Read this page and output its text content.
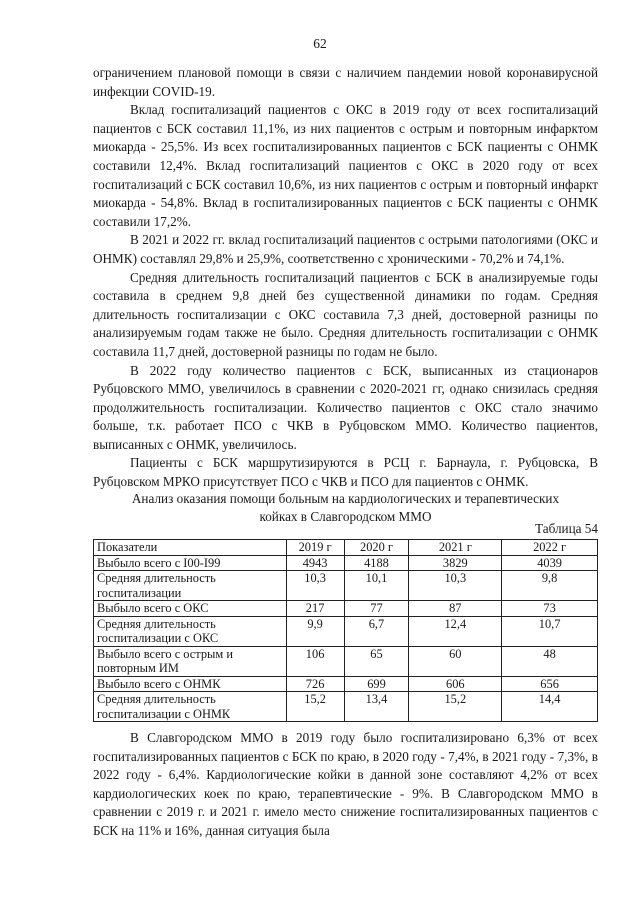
62

ограничением плановой помощи в связи с наличием пандемии новой коронавирусной инфекции COVID-19.

Вклад госпитализаций пациентов с ОКС в 2019 году от всех госпитализаций пациентов с БСК составил 11,1%, из них пациентов с острым и повторным инфарктом миокарда - 25,5%. Из всех госпитализированных пациентов с БСК пациенты с ОНМК составили 12,4%. Вклад госпитализаций пациентов с ОКС в 2020 году от всех госпитализаций с БСК составил 10,6%, из них пациентов с острым и повторный инфаркт миокарда - 54,8%. Вклад в госпитализированных пациентов с БСК пациенты с ОНМК составили 17,2%.

В 2021 и 2022 гг. вклад госпитализаций пациентов с острыми патологиями (ОКС и ОНМК) составлял 29,8% и 25,9%, соответственно с хроническими - 70,2% и 74,1%.

Средняя длительность госпитализаций пациентов с БСК в анализируемые годы составила в среднем 9,8 дней без существенной динамики по годам. Средняя длительность госпитализации с ОКС составила 7,3 дней, достоверной разницы по анализируемым годам также не было. Средняя длительность госпитализации с ОНМК составила 11,7 дней, достоверной разницы по годам не было.

В 2022 году количество пациентов с БСК, выписанных из стационаров Рубцовского ММО, увеличилось в сравнении с 2020-2021 гг, однако снизилась средняя продолжительность госпитализации. Количество пациентов с ОКС стало значимо больше, т.к. работает ПСО с ЧКВ в Рубцовском ММО. Количество пациентов, выписанных с ОНМК, увеличилось.

Пациенты с БСК маршрутизируются в РСЦ г. Барнаула, г. Рубцовска, В Рубцовском МРКО присутствует ПСО с ЧКВ и ПСО для пациентов с ОНМК.

Анализ оказания помощи больным на кардиологических и терапевтических
койках в Славгородском ММО
Таблица 54
Показатели	2019 г	2020 г	2021 г	2022 г
Выбыло всего с I00-I99	4943	4188	3829	4039
Средняя длительность госпитализации	10,3	10,1	10,3	9,8
Выбыло всего с ОКС	217	77	87	73
Средняя длительность госпитализации с ОКС	9,9	6,7	12,4	10,7
Выбыло всего с острым и повторным ИМ	106	65	60	48
Выбыло всего с ОНМК	726	699	606	656
Средняя длительность госпитализации с ОНМК	15,2	13,4	15,2	14,4

В Славгородском ММО в 2019 году было госпитализировано 6,3% от всех госпитализированных пациентов с БСК по краю, в 2020 году - 7,4%, в 2021 году - 7,3%, в 2022 году - 6,4%. Кардиологические койки в данной зоне составляют 4,2% от всех кардиологических коек по краю, терапевтические - 9%. В Славгородском ММО в сравнении с 2019 г. и 2021 г. имело место снижение госпитализированных пациентов с БСК на 11% и 16%, данная ситуация была
